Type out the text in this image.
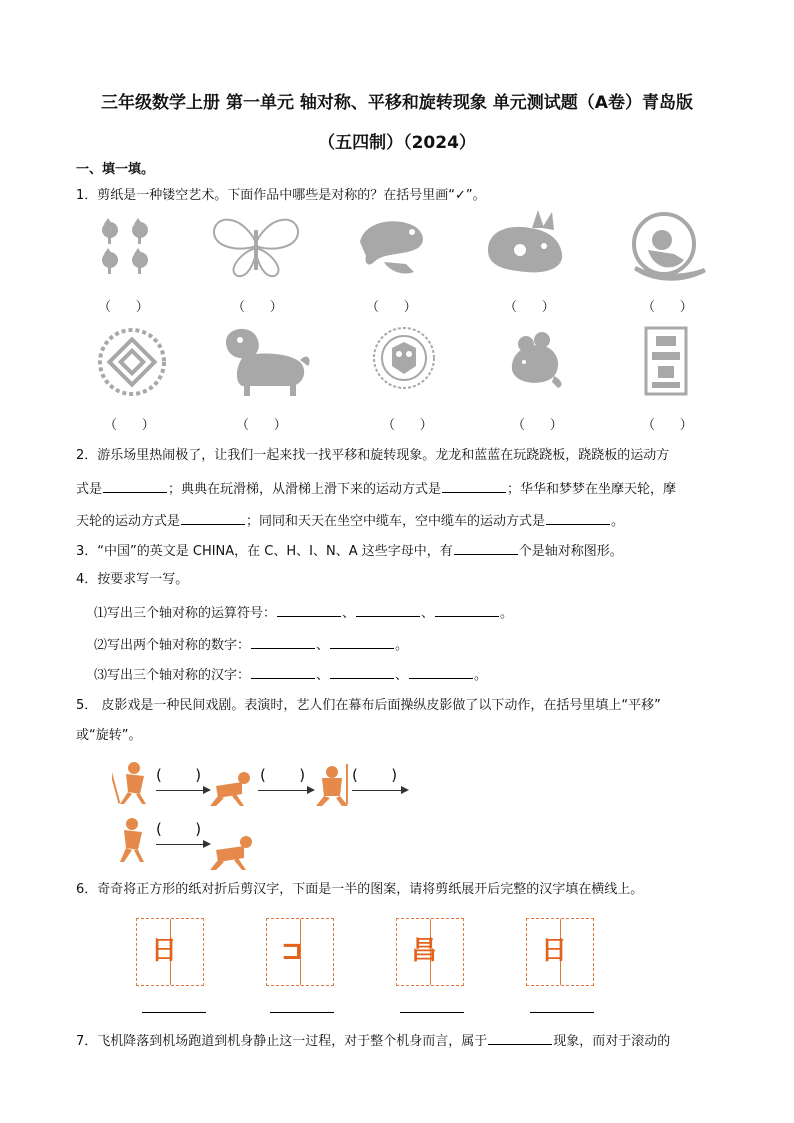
三年级数学上册 第一单元 轴对称、平移和旋转现象 单元测试题（A卷）青岛版
（五四制）（2024）
一、填一填。
1．剪纸是一种镂空艺术。下面作品中哪些是对称的？在括号里画“✓”。
（      ）	（      ）	（      ）	（      ）	（      ）
（      ）	（      ）	（      ）	（      ）	（      ）
2．游乐场里热闹极了，让我们一起来找一找平移和旋转现象。龙龙和蓝蓝在玩跷跷板，跷跷板的运动方
式是	；典典在玩滑梯，从滑梯上滑下来的运动方式是	；华华和梦梦在坐摩天轮，摩
天轮的运动方式是	；同同和天天在坐空中缆车，空中缆车的运动方式是	。
3．“中国”的英文是 CHINA，在 C、H、I、N、A 这些字母中，有	个是轴对称图形。
4．按要求写一写。
⑴写出三个轴对称的运算符号：	、	、	。
⑵写出两个轴对称的数字：	、	。
⑶写出三个轴对称的汉字：	、	、	。
5． 皮影戏是一种民间戏剧。表演时，艺人们在幕布后面操纵皮影做了以下动作，在括号里填上“平移”
或“旋转”。
(       )	(       )	(       )
(       )
6．奇奇将正方形的纸对折后剪汉字，下面是一半的图案，请将剪纸展开后完整的汉字填在横线上。
日	⊐	昌	日
7．飞机降落到机场跑道到机身静止这一过程，对于整个机身而言，属于	现象，而对于滚动的
